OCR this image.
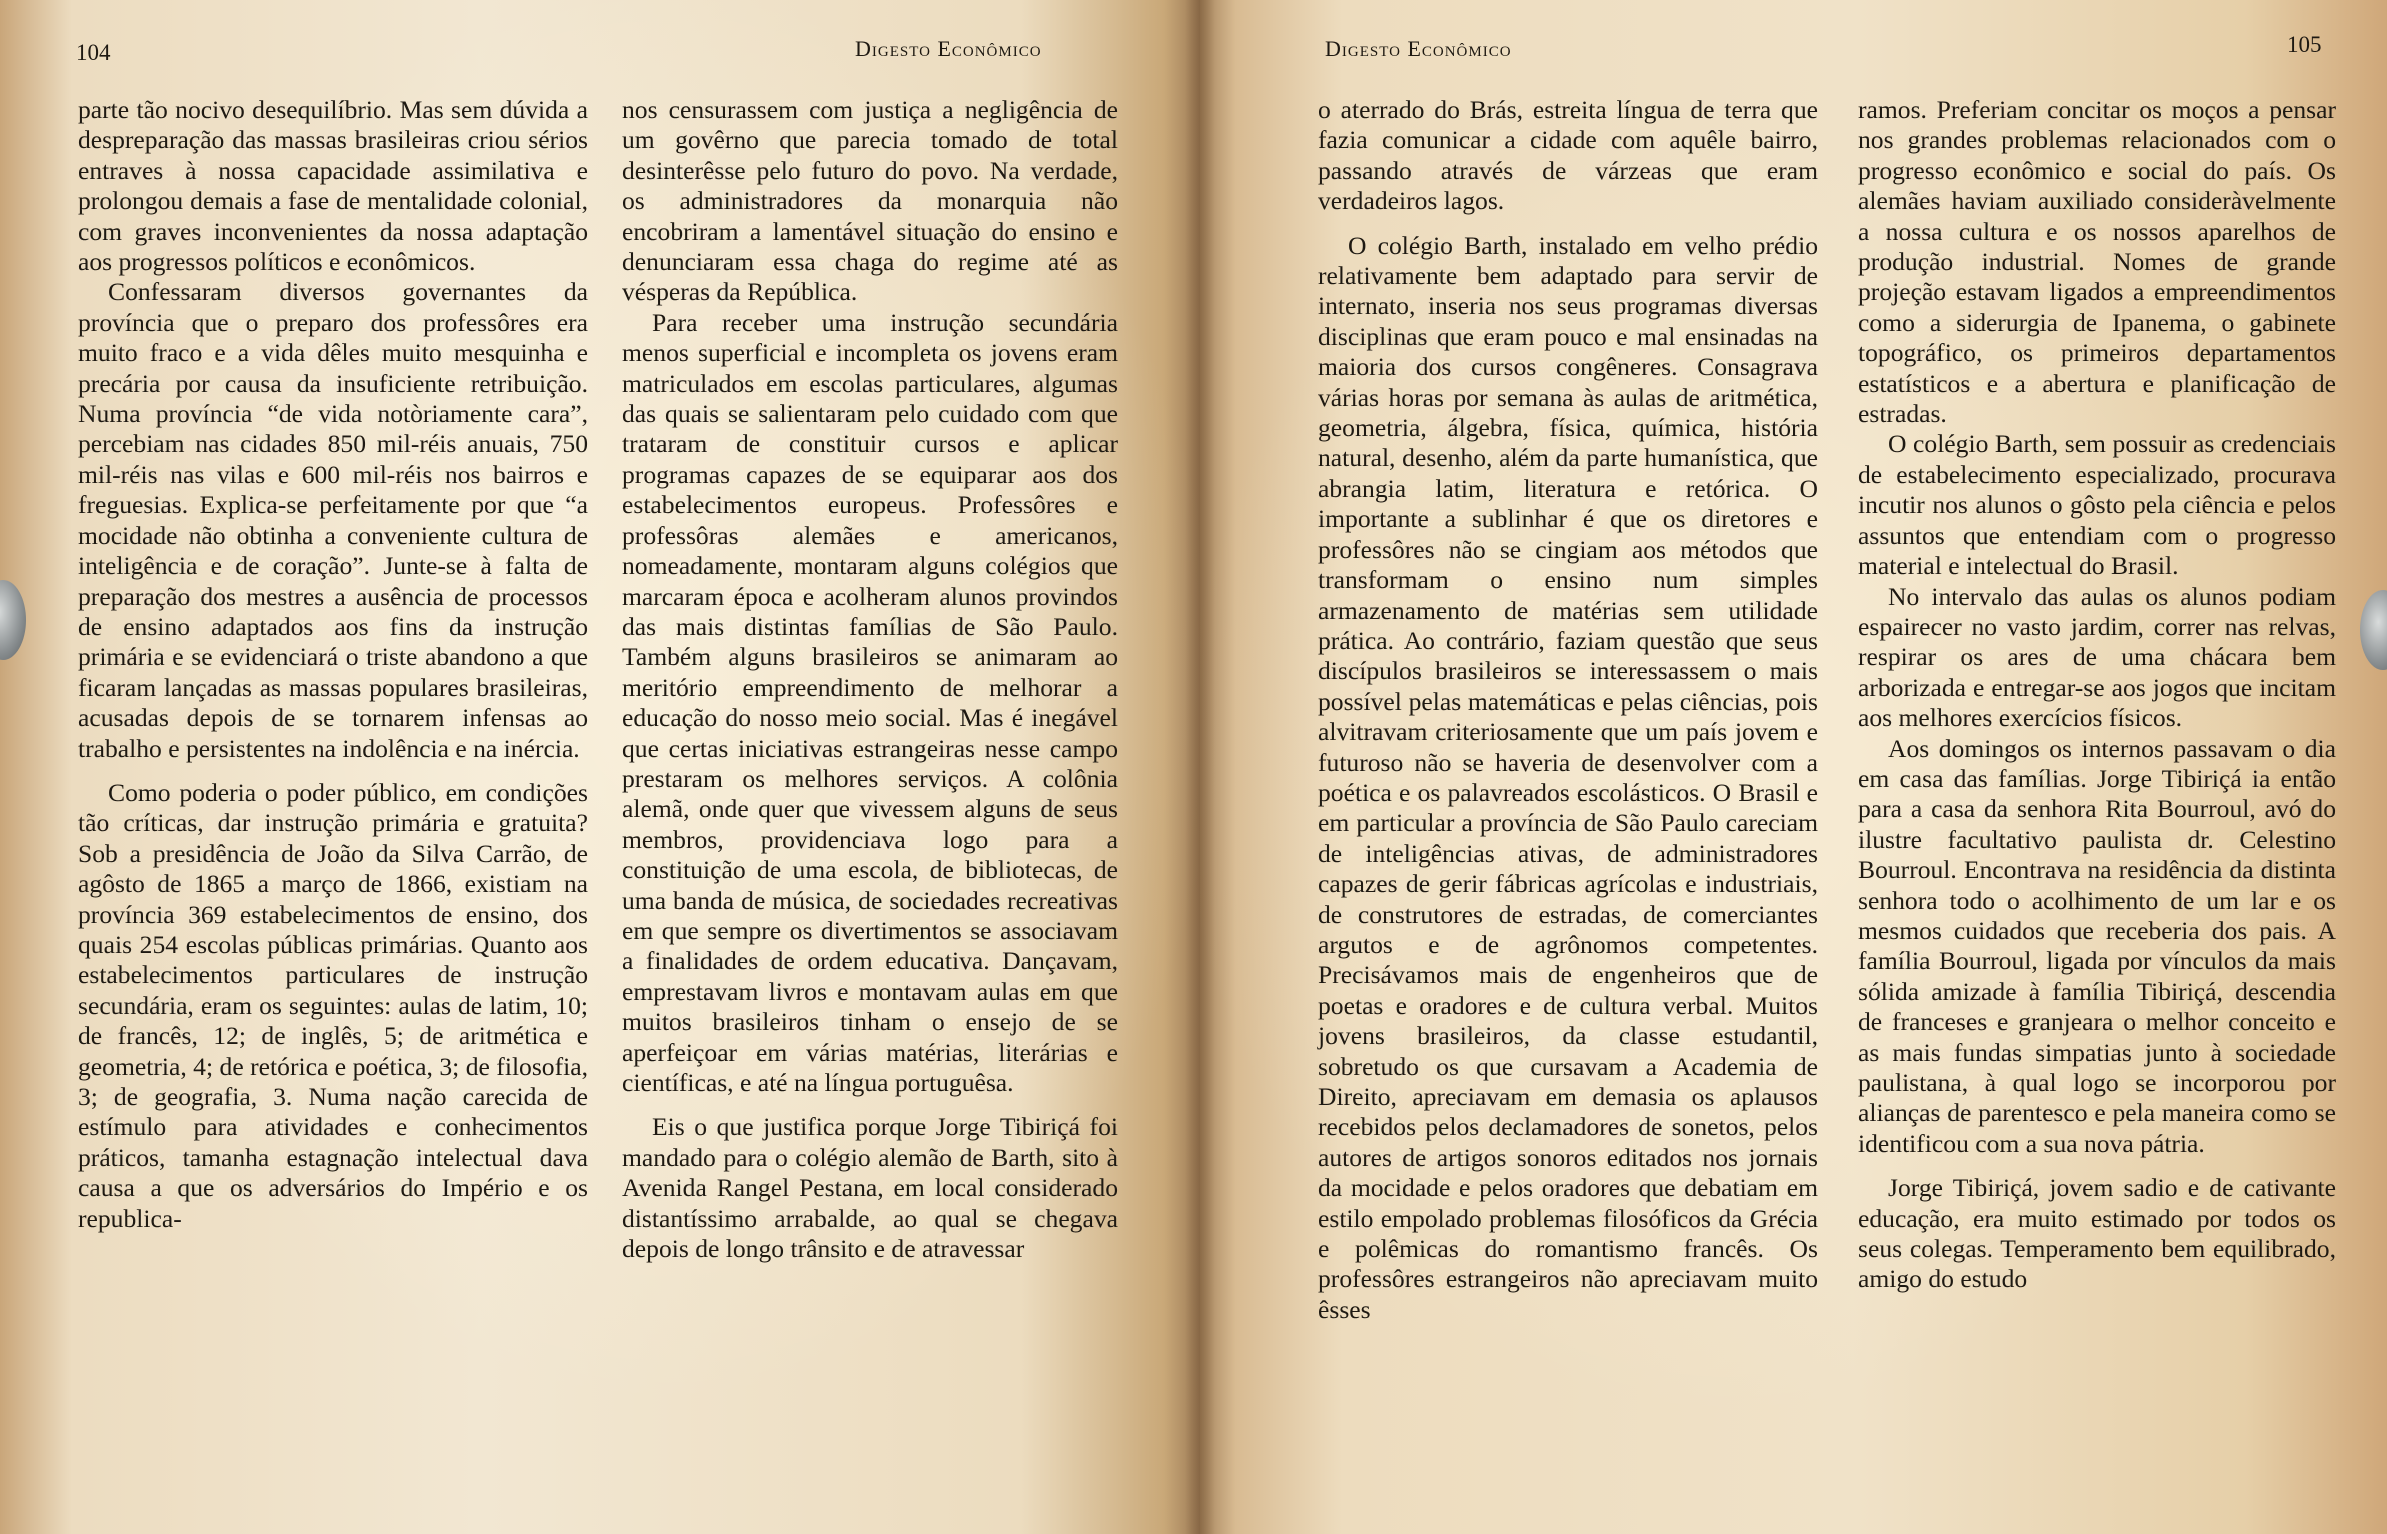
104	Digesto Econômico

parte tão nocivo desequilíbrio. Mas sem dúvida a despreparação das massas brasileiras criou sérios entraves à nossa capacidade assimilativa e prolongou demais a fase de mentalidade colonial, com graves inconvenientes da nossa adaptação aos progressos políticos e econômicos.

Confessaram diversos governantes da província que o preparo dos professôres era muito fraco e a vida dêles muito mesquinha e precária por causa da insuficiente retribuição. Numa província “de vida notòriamente cara”, percebiam nas cidades 850 mil-réis anuais, 750 mil-réis nas vilas e 600 mil-réis nos bairros e freguesias. Explica-se perfeitamente por que “a mocidade não obtinha a conveniente cultura de inteligência e de coração”. Junte-se à falta de preparação dos mestres a ausência de processos de ensino adaptados aos fins da instrução primária e se evidenciará o triste abandono a que ficaram lançadas as massas populares brasileiras, acusadas depois de se tornarem infensas ao trabalho e persistentes na indolência e na inércia.

Como poderia o poder público, em condições tão críticas, dar instrução primária e gratuita? Sob a presidência de João da Silva Carrão, de agôsto de 1865 a março de 1866, existiam na província 369 estabelecimentos de ensino, dos quais 254 escolas públicas primárias. Quanto aos estabelecimentos particulares de instrução secundária, eram os seguintes: aulas de latim, 10; de francês, 12; de inglês, 5; de aritmética e geometria, 4; de retórica e poética, 3; de filosofia, 3; de geografia, 3. Numa nação carecida de estímulo para atividades e conhecimentos práticos, tamanha estagnação intelectual dava causa a que os adversários do Império e os republica-

nos censurassem com justiça a negligência de um govêrno que parecia tomado de total desinterêsse pelo futuro do povo. Na verdade, os administradores da monarquia não encobriram a lamentável situação do ensino e denunciaram essa chaga do regime até as vésperas da República.

Para receber uma instrução secundária menos superficial e incompleta os jovens eram matriculados em escolas particulares, algumas das quais se salientaram pelo cuidado com que trataram de constituir cursos e aplicar programas capazes de se equiparar aos dos estabelecimentos europeus. Professôres e professôras alemães e americanos, nomeadamente, montaram alguns colégios que marcaram época e acolheram alunos provindos das mais distintas famílias de São Paulo. Também alguns brasileiros se animaram ao meritório empreendimento de melhorar a educação do nosso meio social. Mas é inegável que certas iniciativas estrangeiras nesse campo prestaram os melhores serviços. A colônia alemã, onde quer que vivessem alguns de seus membros, providenciava logo para a constituição de uma escola, de bibliotecas, de uma banda de música, de sociedades recreativas em que sempre os divertimentos se associavam a finalidades de ordem educativa. Dançavam, emprestavam livros e montavam aulas em que muitos brasileiros tinham o ensejo de se aperfeiçoar em várias matérias, literárias e científicas, e até na língua portuguêsa.

Eis o que justifica porque Jorge Tibiriçá foi mandado para o colégio alemão de Barth, sito à Avenida Rangel Pestana, em local considerado distantíssimo arrabalde, ao qual se chegava depois de longo trânsito e de atravessar

Digesto Econômico	105

o aterrado do Brás, estreita língua de terra que fazia comunicar a cidade com aquêle bairro, passando através de várzeas que eram verdadeiros lagos.

O colégio Barth, instalado em velho prédio relativamente bem adaptado para servir de internato, inseria nos seus programas diversas disciplinas que eram pouco e mal ensinadas na maioria dos cursos congêneres. Consagrava várias horas por semana às aulas de aritmética, geometria, álgebra, física, química, história natural, desenho, além da parte humanística, que abrangia latim, literatura e retórica. O importante a sublinhar é que os diretores e professôres não se cingiam aos métodos que transformam o ensino num simples armazenamento de matérias sem utilidade prática. Ao contrário, faziam questão que seus discípulos brasileiros se interessassem o mais possível pelas matemáticas e pelas ciências, pois alvitravam criteriosamente que um país jovem e futuroso não se haveria de desenvolver com a poética e os palavreados escolásticos. O Brasil e em particular a província de São Paulo careciam de inteligências ativas, de administradores capazes de gerir fábricas agrícolas e industriais, de construtores de estradas, de comerciantes argutos e de agrônomos competentes. Precisávamos mais de engenheiros que de poetas e oradores e de cultura verbal. Muitos jovens brasileiros, da classe estudantil, sobretudo os que cursavam a Academia de Direito, apreciavam em demasia os aplausos recebidos pelos declamadores de sonetos, pelos autores de artigos sonoros editados nos jornais da mocidade e pelos oradores que debatiam em estilo empolado problemas filosóficos da Grécia e polêmicas do romantismo francês. Os professôres estrangeiros não apreciavam muito êsses

ramos. Preferiam concitar os moços a pensar nos grandes problemas relacionados com o progresso econômico e social do país. Os alemães haviam auxiliado consideràvelmente a nossa cultura e os nossos aparelhos de produção industrial. Nomes de grande projeção estavam ligados a empreendimentos como a siderurgia de Ipanema, o gabinete topográfico, os primeiros departamentos estatísticos e a abertura e planificação de estradas.

O colégio Barth, sem possuir as credenciais de estabelecimento especializado, procurava incutir nos alunos o gôsto pela ciência e pelos assuntos que entendiam com o progresso material e intelectual do Brasil.

No intervalo das aulas os alunos podiam espairecer no vasto jardim, correr nas relvas, respirar os ares de uma chácara bem arborizada e entregar-se aos jogos que incitam aos melhores exercícios físicos.

Aos domingos os internos passavam o dia em casa das famílias. Jorge Tibiriçá ia então para a casa da senhora Rita Bourroul, avó do ilustre facultativo paulista dr. Celestino Bourroul. Encontrava na residência da distinta senhora todo o acolhimento de um lar e os mesmos cuidados que receberia dos pais. A família Bourroul, ligada por vínculos da mais sólida amizade à família Tibiriçá, descendia de franceses e granjeara o melhor conceito e as mais fundas simpatias junto à sociedade paulistana, à qual logo se incorporou por alianças de parentesco e pela maneira como se identificou com a sua nova pátria.

Jorge Tibiriçá, jovem sadio e de cativante educação, era muito estimado por todos os seus colegas. Temperamento bem equilibrado, amigo do estudo
